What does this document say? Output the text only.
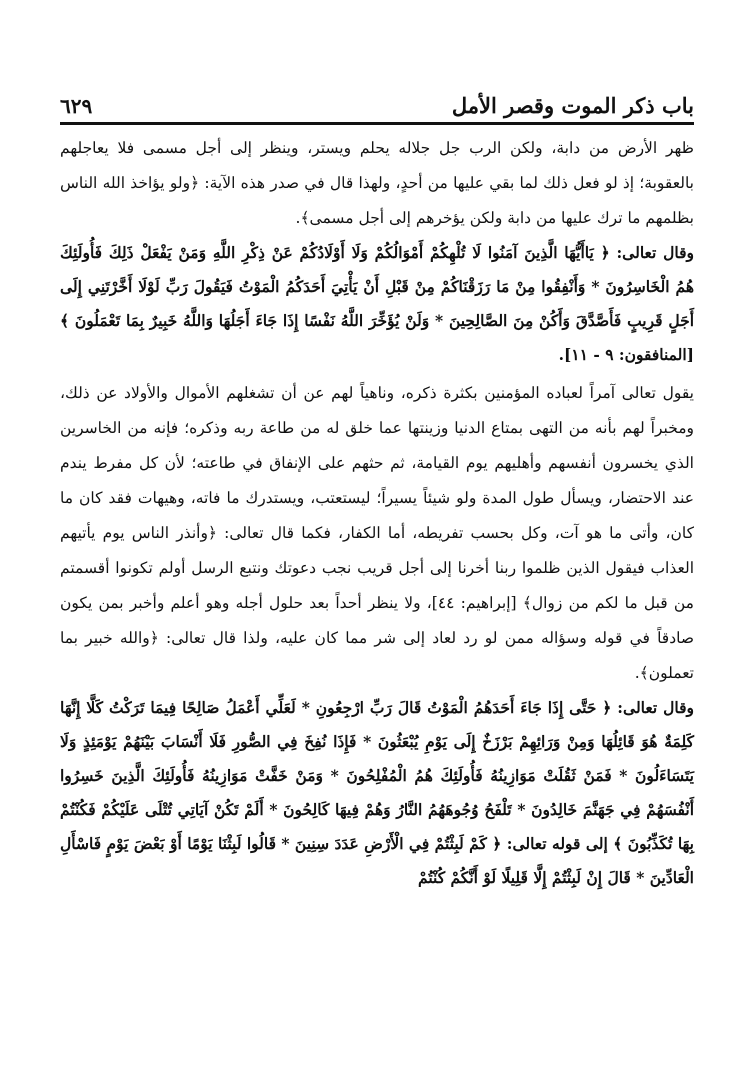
باب ذكر الموت وقصر الأمل
٦٢٩

ظهر الأرض من دابة، ولكن الرب جل جلاله يحلم ويستر، وينظر إلى أجل مسمى فلا يعاجلهم بالعقوبة؛ إذ لو فعل ذلك لما بقي عليها من أحدٍ، ولهذا قال في صدر هذه الآية: ﴿ولو يؤاخذ الله الناس بظلمهم ما ترك عليها من دابة ولكن يؤخرهم إلى أجل مسمى﴾.

وقال تعالى: ﴿ يَاأَيُّهَا الَّذِينَ آمَنُوا لَا تُلْهِكُمْ أَمْوَالُكُمْ وَلَا أَوْلَادُكُمْ عَنْ ذِكْرِ اللَّهِ وَمَنْ يَفْعَلْ ذَلِكَ فَأُولَئِكَ هُمُ الْخَاسِرُونَ * وَأَنْفِقُوا مِنْ مَا رَزَقْنَاكُمْ مِنْ قَبْلِ أَنْ يَأْتِيَ أَحَدَكُمُ الْمَوْتُ فَيَقُولَ رَبِّ لَوْلَا أَخَّرْتَنِي إِلَى أَجَلٍ قَرِيبٍ فَأَصَّدَّقَ وَأَكُنْ مِنَ الصَّالِحِينَ * وَلَنْ يُؤَخِّرَ اللَّهُ نَفْسًا إِذَا جَاءَ أَجَلُهَا وَاللَّهُ خَبِيرٌ بِمَا تَعْمَلُونَ ﴾ [المنافقون: ٩ - ١١].

يقول تعالى آمراً لعباده المؤمنين بكثرة ذكره، وناهياً لهم عن أن تشغلهم الأموال والأولاد عن ذلك، ومخبراً لهم بأنه من التهى بمتاع الدنيا وزينتها عما خلق له من طاعة ربه وذكره؛ فإنه من الخاسرين الذي يخسرون أنفسهم وأهليهم يوم القيامة، ثم حثهم على الإنفاق في طاعته؛ لأن كل مفرط يندم عند الاحتضار، ويسأل طول المدة ولو شيئاً يسيراً؛ ليستعتب، ويستدرك ما فاته، وهيهات فقد كان ما كان، وأتى ما هو آت، وكل بحسب تفريطه، أما الكفار، فكما قال تعالى: ﴿وأنذر الناس يوم يأتيهم العذاب فيقول الذين ظلموا ربنا أخرنا إلى أجل قريب نجب دعوتك ونتبع الرسل أولم تكونوا أقسمتم من قبل ما لكم من زوال﴾ [إبراهيم: ٤٤]، ولا ينظر أحداً بعد حلول أجله وهو أعلم وأخبر بمن يكون صادقاً في قوله وسؤاله ممن لو رد لعاد إلى شر مما كان عليه، ولذا قال تعالى: ﴿والله خبير بما تعملون﴾.

وقال تعالى: ﴿ حَتَّى إِذَا جَاءَ أَحَدَهُمُ الْمَوْتُ قَالَ رَبِّ ارْجِعُونِ * لَعَلِّي أَعْمَلُ صَالِحًا فِيمَا تَرَكْتُ كَلَّا إِنَّهَا كَلِمَةٌ هُوَ قَائِلُهَا وَمِنْ وَرَائِهِمْ بَرْزَخٌ إِلَى يَوْمِ يُبْعَثُونَ * فَإِذَا نُفِخَ فِي الصُّورِ فَلَا أَنْسَابَ بَيْنَهُمْ يَوْمَئِذٍ وَلَا يَتَسَاءَلُونَ * فَمَنْ ثَقُلَتْ مَوَازِينُهُ فَأُولَئِكَ هُمُ الْمُفْلِحُونَ * وَمَنْ خَفَّتْ مَوَازِينُهُ فَأُولَئِكَ الَّذِينَ خَسِرُوا أَنْفُسَهُمْ فِي جَهَنَّمَ خَالِدُونَ * تَلْفَحُ وُجُوهَهُمُ النَّارُ وَهُمْ فِيهَا كَالِحُونَ * أَلَمْ تَكُنْ آيَاتِي تُتْلَى عَلَيْكُمْ فَكُنْتُمْ بِهَا تُكَذِّبُونَ ﴾ إلى قوله تعالى: ﴿ كَمْ لَبِثْتُمْ فِي الْأَرْضِ عَدَدَ سِنِينَ * قَالُوا لَبِثْنَا يَوْمًا أَوْ بَعْضَ يَوْمٍ فَاسْأَلِ الْعَادِّينَ * قَالَ إِنْ لَبِثْتُمْ إِلَّا قَلِيلًا لَوْ أَنَّكُمْ كُنْتُمْ
